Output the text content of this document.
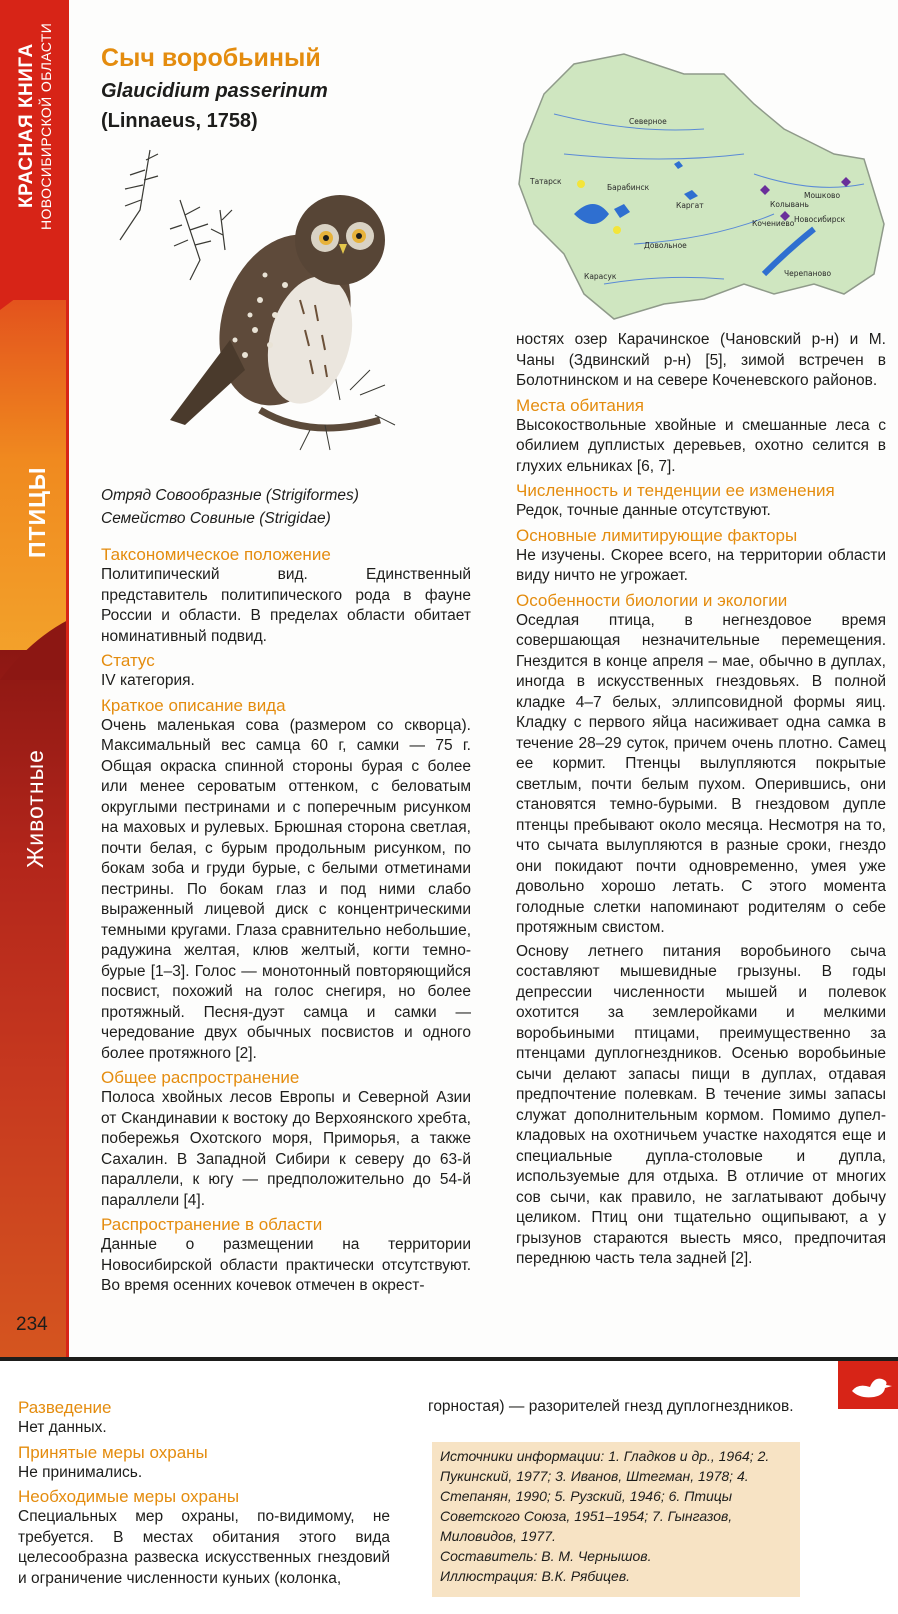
КРАСНАЯ КНИГА НОВОСИБИРСКОЙ ОБЛАСТИ
ПТИЦЫ
Животные
234
Сыч воробьиный
Glaucidium passerinum
(Linnaeus, 1758)
Отряд Совообразные (Strigiformes)
Семейство Совиные (Strigidae)
Северное
Татарск
Барабинск
Каргат
Мошково
Колывань
Новосибирск
Кочениево
Довольное
Карасук	Черепаново
Таксономическое положение

Политипический вид. Единственный представитель политипического рода в фауне России и области. В пределах области обитает номинативный подвид.

Статус

IV категория.

Краткое описание вида

Очень маленькая сова (размером со скворца). Максимальный вес самца 60 г, самки — 75 г. Общая окраска спинной стороны бурая с более или менее сероватым оттенком, с беловатым округлыми пестринами и с поперечным рисунком на маховых и рулевых. Брюшная сторона светлая, почти белая, с бурым продольным рисунком, по бокам зоба и груди бурые, с белыми отметинами пестрины. По бокам глаз и под ними слабо выраженный лицевой диск с концентрическими темными кругами. Глаза сравнительно небольшие, радужина желтая, клюв желтый, когти темно-бурые [1–3]. Голос — монотонный повторяющийся посвист, похожий на голос снегиря, но более протяжный. Песня-дуэт самца и самки — чередование двух обычных посвистов и одного более протяжного [2].

Общее распространение

Полоса хвойных лесов Европы и Северной Азии от Скандинавии к востоку до Верхоянского хребта, побережья Охотского моря, Приморья, а также Сахалин. В Западной Сибири к северу до 63-й параллели, к югу — предположительно до 54-й параллели [4].

Распространение в области

Данные о размещении на территории Новосибирской области практически отсутствуют. Во время осенних кочевок отмечен в окрест-

ностях озер Карачинское (Чановский р-н) и М. Чаны (Здвинский р-н) [5], зимой встречен в Болотнинском и на севере Коченевского районов.

Места обитания

Высокоствольные хвойные и смешанные леса с обилием дуплистых деревьев, охотно селится в глухих ельниках [6, 7].

Численность и тенденции ее изменения

Редок, точные данные отсутствуют.

Основные лимитирующие факторы

Не изучены. Скорее всего, на территории области виду ничто не угрожает.

Особенности биологии и экологии

Оседлая птица, в негнездовое время совершающая незначительные перемещения. Гнездится в конце апреля – мае, обычно в дуплах, иногда в искусственных гнездовьях. В полной кладке 4–7 белых, эллипсовидной формы яиц. Кладку с первого яйца насиживает одна самка в течение 28–29 суток, причем очень плотно. Самец ее кормит. Птенцы вылупляются покрытые светлым, почти белым пухом. Оперившись, они становятся темно-бурыми. В гнездовом дупле птенцы пребывают около месяца. Несмотря на то, что сычата вылупляются в разные сроки, гнездо они покидают почти одновременно, умея уже довольно хорошо летать. С этого момента голодные слетки напоминают родителям о себе протяжным свистом.

Основу летнего питания воробьиного сыча составляют мышевидные грызуны. В годы депрессии численности мышей и полевок охотится за землеройками и мелкими воробьиными птицами, преимущественно за птенцами дуплогнездников. Осенью воробьиные сычи делают запасы пищи в дуплах, отдавая предпочтение полевкам. В течение зимы запасы служат дополнительным кормом. Помимо дупел-кладовых на охотничьем участке находятся еще и специальные дупла-столовые и дупла, используемые для отдыха. В отличие от многих сов сычи, как правило, не заглатывают добычу целиком. Птиц они тщательно ощипывают, а у грызунов стараются выесть мясо, предпочитая переднюю часть тела задней [2].

Разведение

Нет данных.

Принятые меры охраны

Не принимались.

Необходимые меры охраны

Специальных мер охраны, по-видимому, не требуется. В местах обитания этого вида целесообразна развеска искусственных гнездовий и ограничение численности куньих (колонка,

горностая) — разорителей гнезд дуплогнездников.

Источники информации: 1. Гладков и др., 1964; 2. Пукинский, 1977; 3. Иванов, Штегман, 1978; 4. Степанян, 1990; 5. Рузский, 1946; 6. Птицы Советского Союза, 1951–1954; 7. Гынгазов, Миловидов, 1977.

Составитель: В. М. Чернышов.

Иллюстрация: В.К. Рябицев.
